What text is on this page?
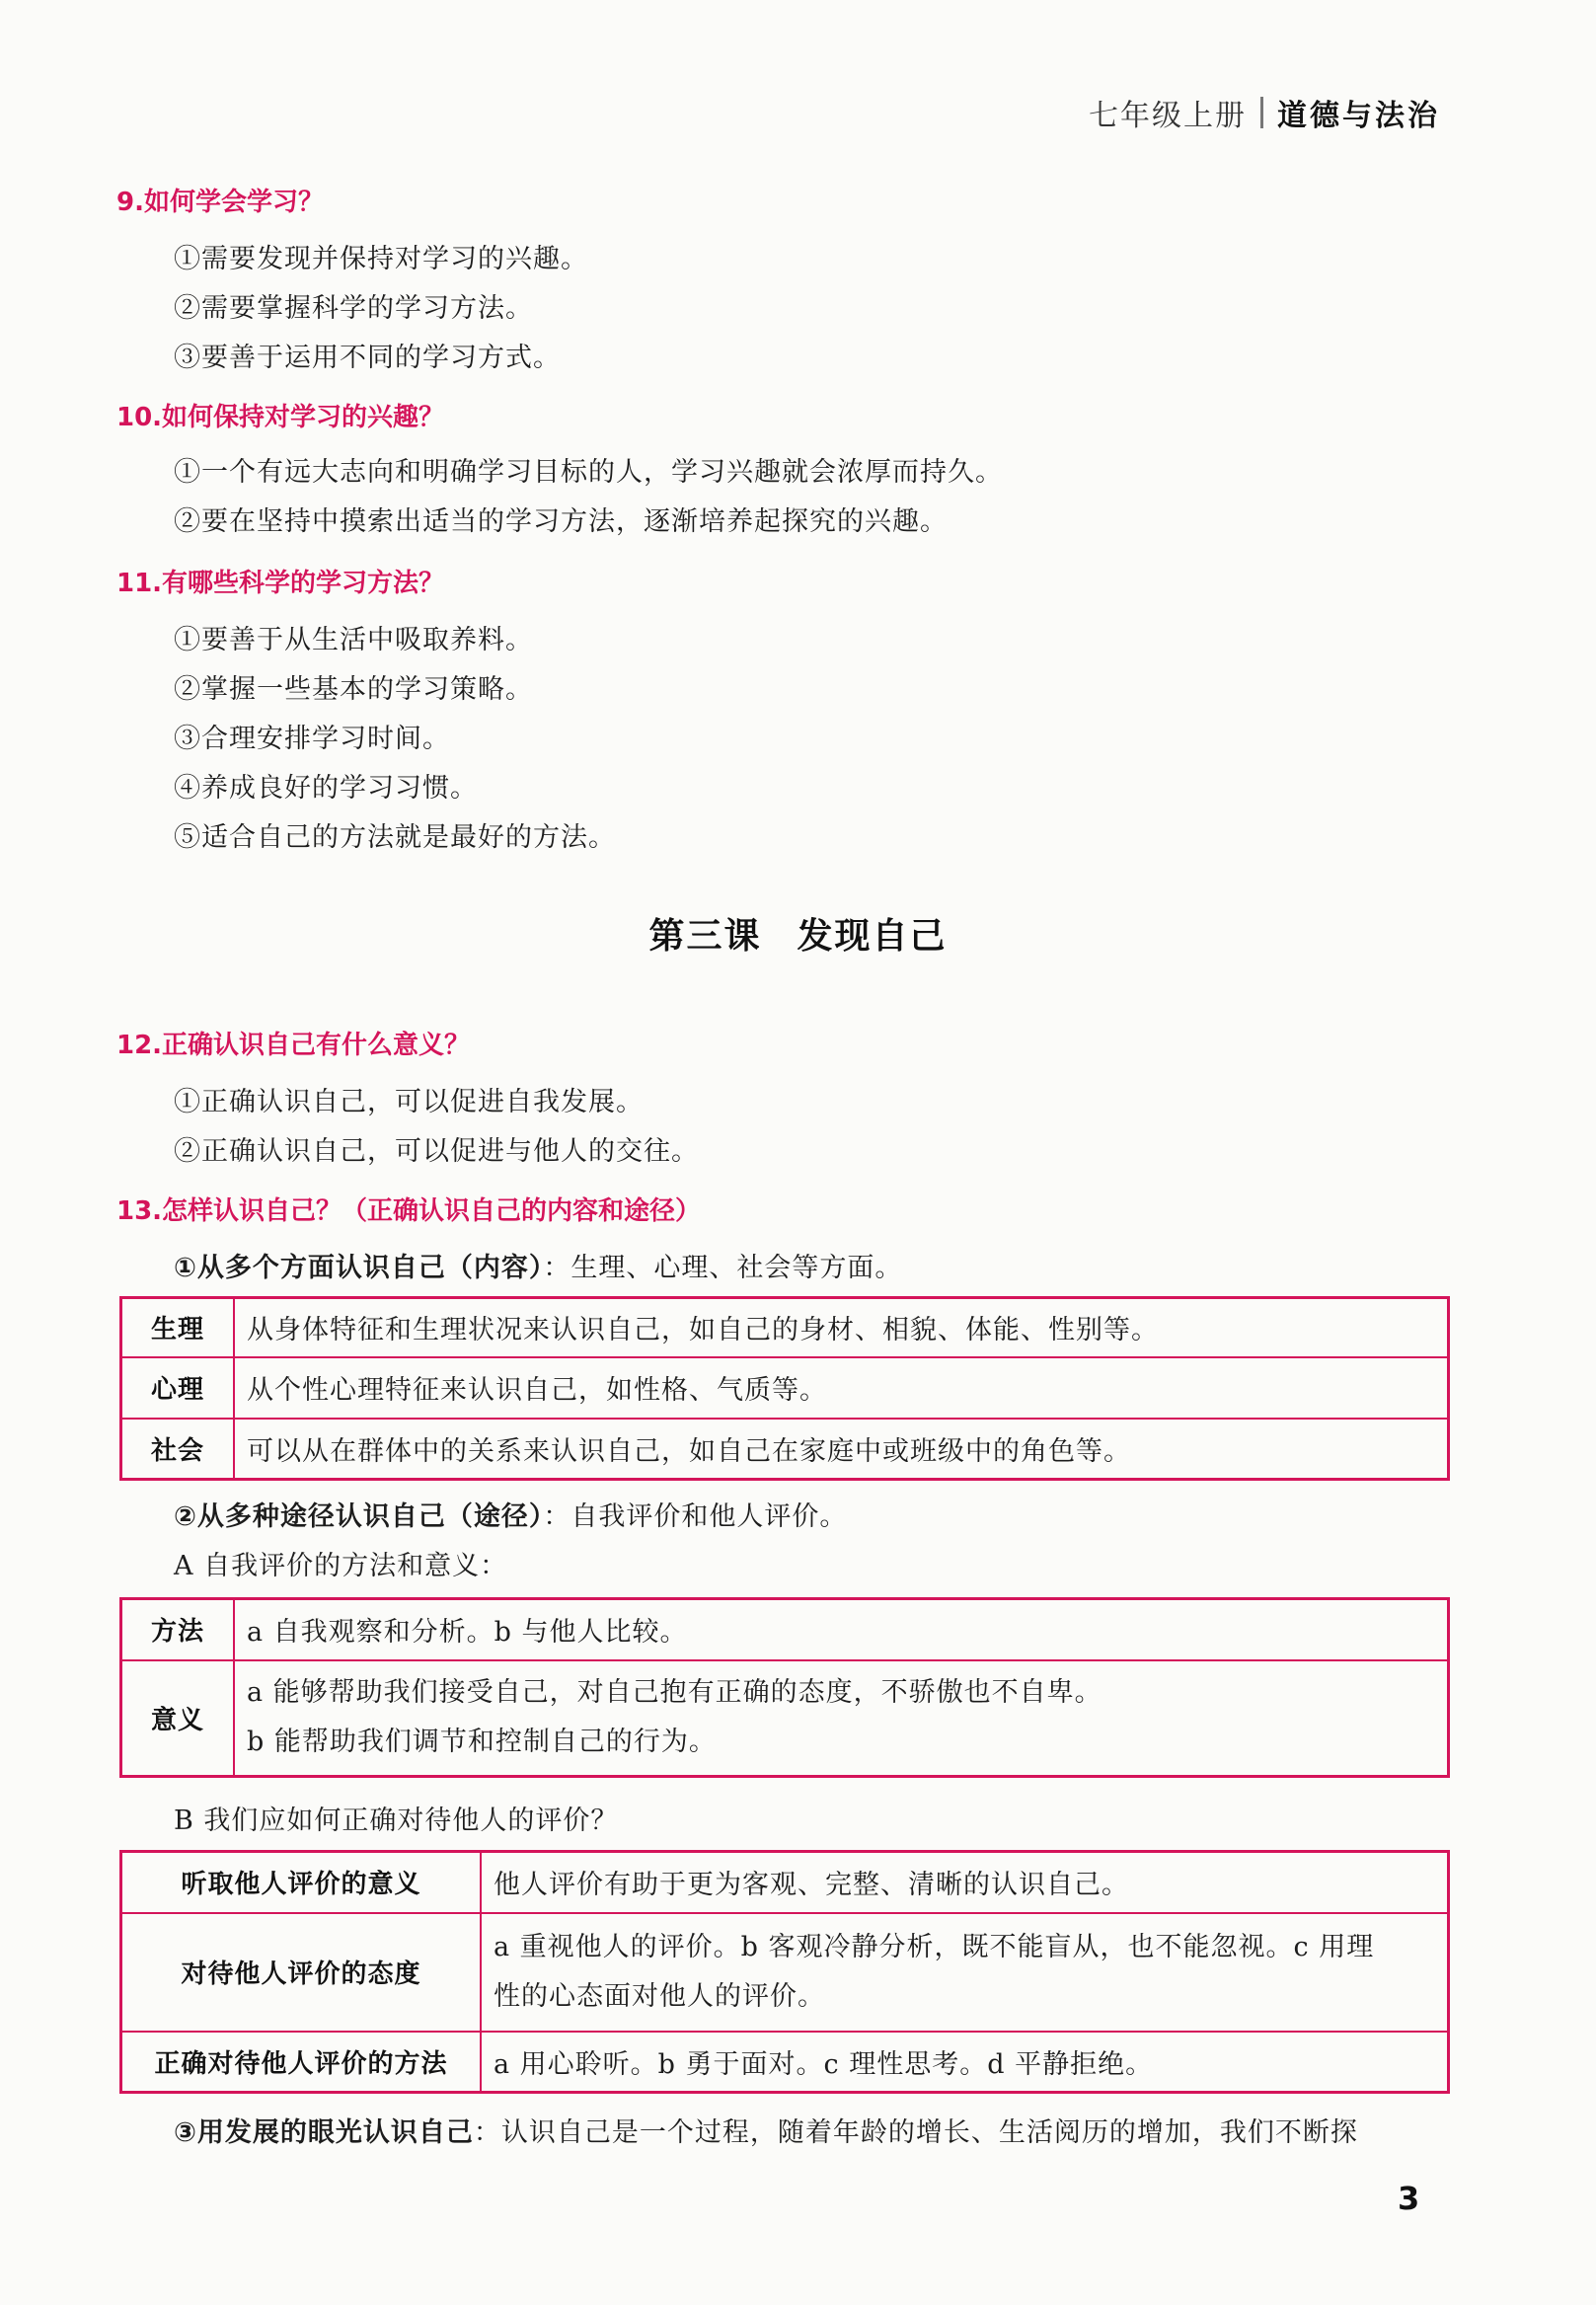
七年级上册 道德与法治
9.如何学会学习？
①需要发现并保持对学习的兴趣。
②需要掌握科学的学习方法。
③要善于运用不同的学习方式。
10.如何保持对学习的兴趣？
①一个有远大志向和明确学习目标的人，学习兴趣就会浓厚而持久。
②要在坚持中摸索出适当的学习方法，逐渐培养起探究的兴趣。
11.有哪些科学的学习方法？
①要善于从生活中吸取养料。
②掌握一些基本的学习策略。
③合理安排学习时间。
④养成良好的学习习惯。
⑤适合自己的方法就是最好的方法。
第三课 发现自己
12.正确认识自己有什么意义？
①正确认识自己，可以促进自我发展。
②正确认识自己，可以促进与他人的交往。
13.怎样认识自己？（正确认识自己的内容和途径）
①从多个方面认识自己（内容）：生理、心理、社会等方面。
生理	从身体特征和生理状况来认识自己，如自己的身材、相貌、体能、性别等。
心理	从个性心理特征来认识自己，如性格、气质等。
社会	可以从在群体中的关系来认识自己，如自己在家庭中或班级中的角色等。
②从多种途径认识自己（途径）：自我评价和他人评价。
A 自我评价的方法和意义：
方法	a 自我观察和分析。b 与他人比较。
意义	a 能够帮助我们接受自己，对自己抱有正确的态度，不骄傲也不自卑。
b 能帮助我们调节和控制自己的行为。
B 我们应如何正确对待他人的评价？
听取他人评价的意义	他人评价有助于更为客观、完整、清晰的认识自己。
对待他人评价的态度	a 重视他人的评价。b 客观冷静分析，既不能盲从，也不能忽视。c 用理
性的心态面对他人的评价。

正确对待他人评价的方法	a 用心聆听。b 勇于面对。c 理性思考。d 平静拒绝。
③用发展的眼光认识自己：认识自己是一个过程，随着年龄的增长、生活阅历的增加，我们不断探
3
